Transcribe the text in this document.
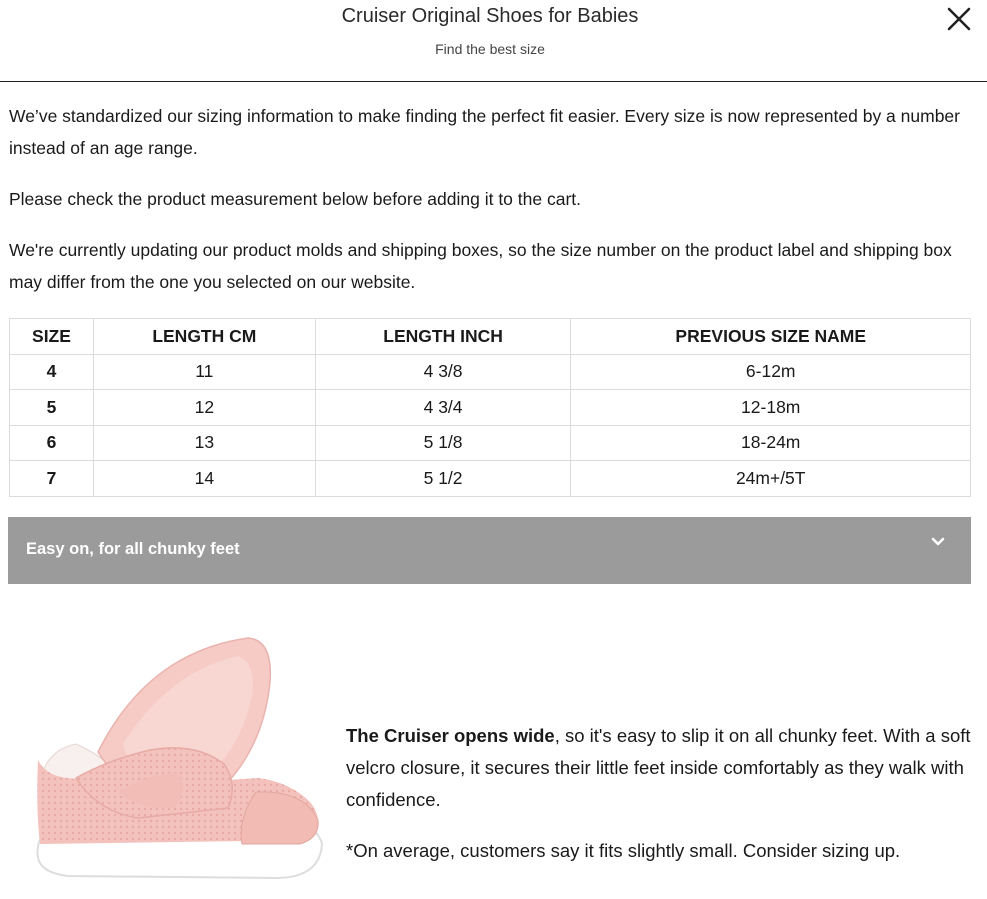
Cruiser Original Shoes for Babies
Find the best size

We’ve standardized our sizing information to make finding the perfect fit easier. Every size is now represented by a number instead of an age range.

Please check the product measurement below before adding it to the cart.

We're currently updating our product molds and shipping boxes, so the size number on the product label and shipping box may differ from the one you selected on our website.

SIZE	LENGTH CM	LENGTH INCH	PREVIOUS SIZE NAME
4	11	4 3/8	6-12m
5	12	4 3/4	12-18m
6	13	5 1/8	18-24m
7	14	5 1/2	24m+/5T
Easy on, for all chunky feet

The Cruiser opens wide, so it's easy to slip it on all chunky feet. With a soft velcro closure, it secures their little feet inside comfortably as they walk with confidence.

*On average, customers say it fits slightly small. Consider sizing up.
